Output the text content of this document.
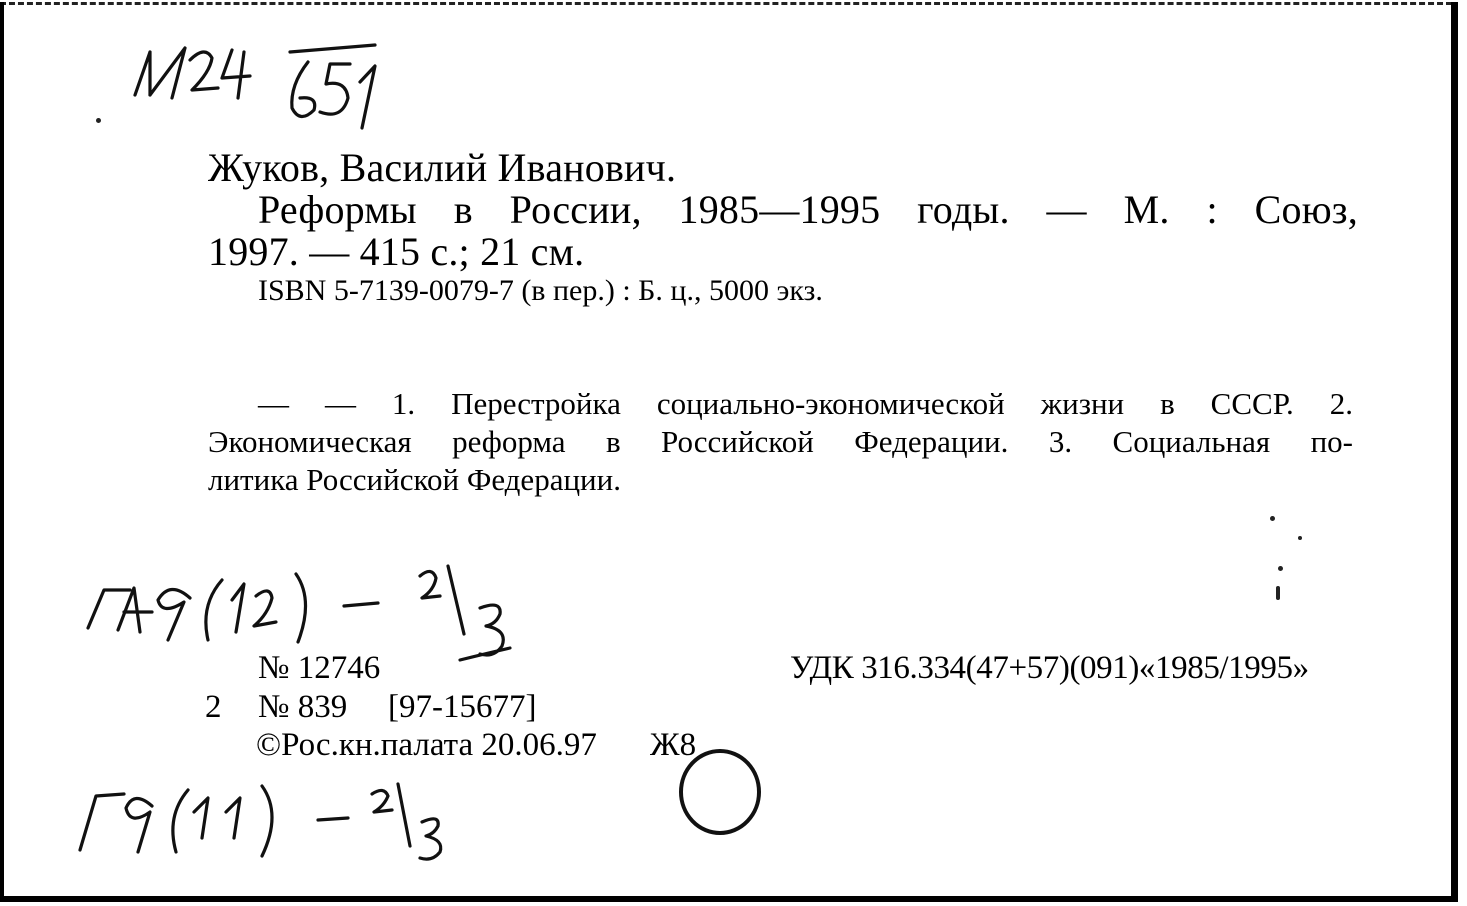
Жуков, Василий Иванович.
Реформы в России, 1985—1995 годы. — М. : Союз,
1997. — 415 с.; 21 см.
ISBN 5-7139-0079-7 (в пер.) : Б. ц., 5000 экз.
— — 1. Перестройка социально-экономической жизни в СССР. 2.
Экономическая реформа в Российской Федерации. 3. Социальная по-
литика Российской Федерации.
№ 12746
2 № 839 [97-15677]
©Рос.кн.палата 20.06.97 Ж8
УДК 316.334(47+57)(091)«1985/1995»
